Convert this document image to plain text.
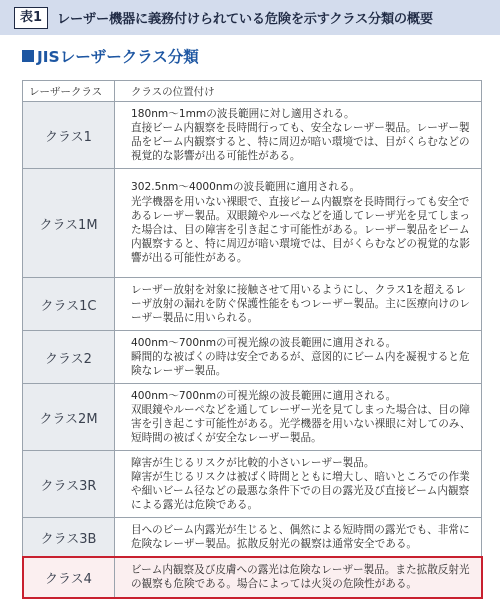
表1	レーザー機器に義務付けられている危険を示すクラス分類の概要
JISレーザークラス分類
レーザークラス	クラスの位置付け
クラス1	180nm～1mmの波長範囲に対し適用される。
直接ビーム内観察を長時間行っても、安全なレーザー製品。レーザー製品をビーム内観察すると、特に周辺が暗い環境では、目がくらむなどの視覚的な影響が出る可能性がある。
クラス1M	302.5nm～4000nmの波長範囲に適用される。
光学機器を用いない裸眼で、直接ビーム内観察を長時間行っても安全であるレーザー製品。双眼鏡やルーペなどを通してレーザ光を見てしまった場合は、目の障害を引き起こす可能性がある。レーザー製品をビーム内観察すると、特に周辺が暗い環境では、目がくらむなどの視覚的な影響が出る可能性がある。
クラス1C	レーザー放射を対象に接触させて用いるようにし、クラス1を超えるレーザ放射の漏れを防ぐ保護性能をもつレーザー製品。主に医療向けのレーザー製品に用いられる。
クラス2	400nm～700nmの可視光線の波長範囲に適用される。
瞬間的な被ばくの時は安全であるが、意図的にビーム内を凝視すると危険なレーザー製品。
クラス2M	400nm～700nmの可視光線の波長範囲に適用される。
双眼鏡やルーペなどを通してレーザー光を見てしまった場合は、目の障害を引き起こす可能性がある。光学機器を用いない裸眼に対してのみ、短時間の被ばくが安全なレーザー製品。
クラス3R	障害が生じるリスクが比較的小さいレーザー製品。
障害が生じるリスクは被ばく時間とともに増大し、暗いところでの作業や細いビーム径などの最悪な条件下での目の露光及び直接ビーム内観察による露光は危険である。
クラス3B	目へのビーム内露光が生じると、偶然による短時間の露光でも、非常に危険なレーザー製品。拡散反射光の観察は通常安全である。
クラス4	ビーム内観察及び皮膚への露光は危険なレーザー製品。また拡散反射光の観察も危険である。場合によっては火災の危険性がある。
